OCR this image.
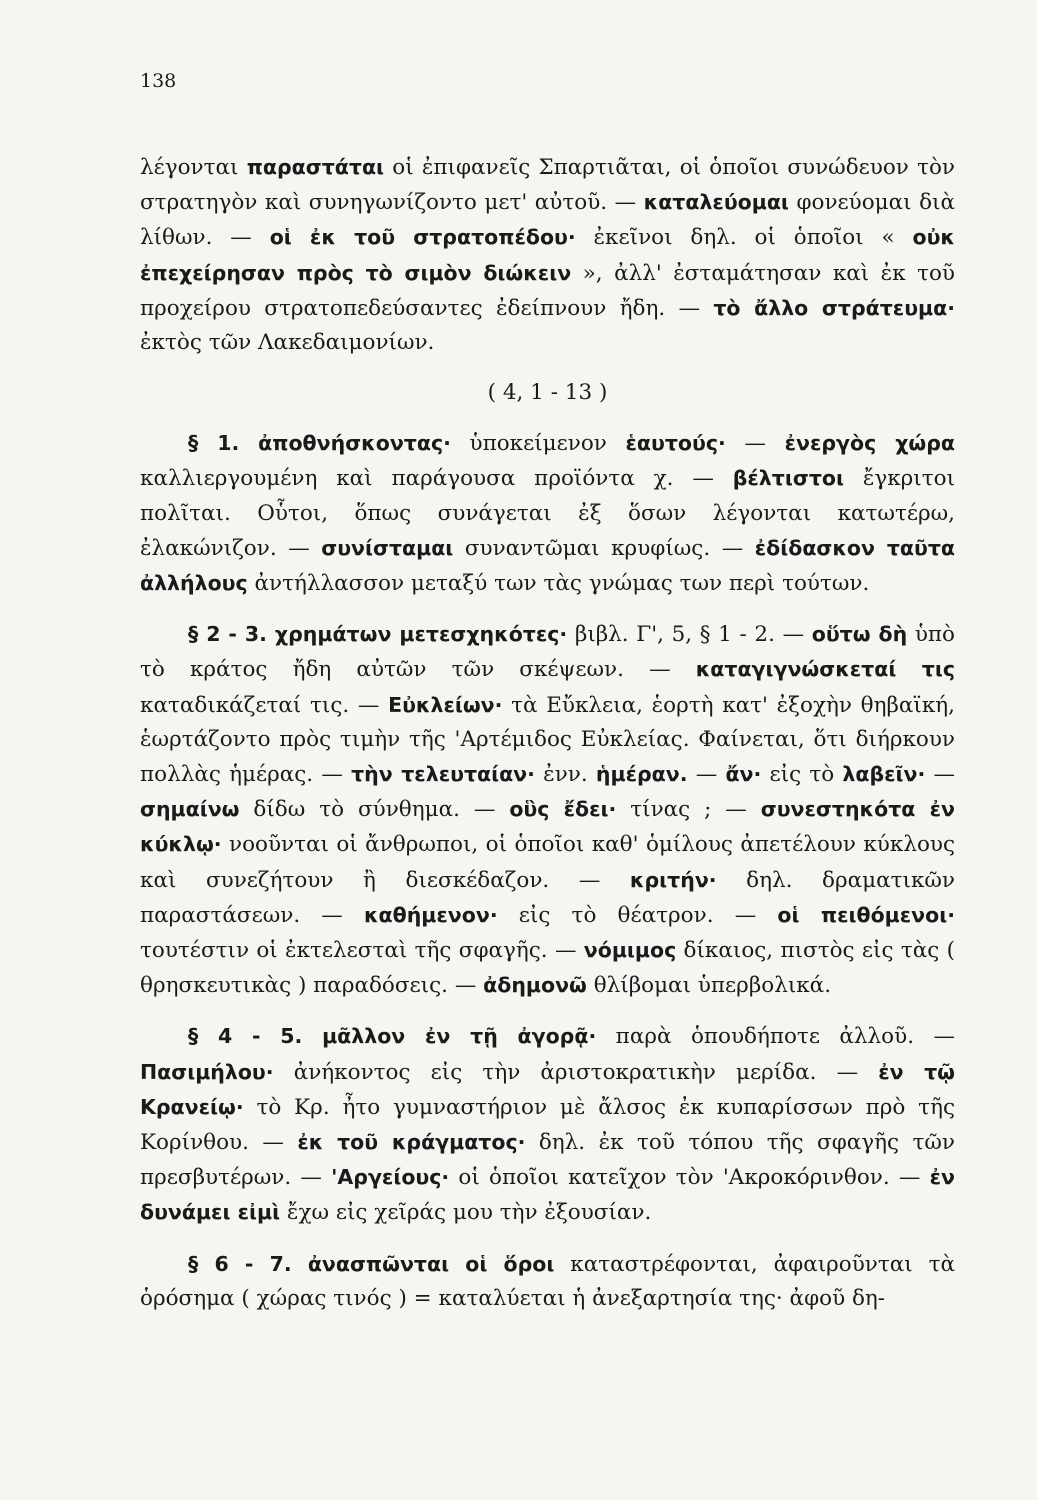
138

λέγονται παραστάται οἱ ἐπιφανεῖς Σπαρτιᾶται, οἱ ὁποῖοι συνώδευον τὸν στρατηγὸν καὶ συνηγωνίζοντο μετ' αὐτοῦ. — καταλεύομαι φονεύομαι διὰ λίθων. — οἱ ἐκ τοῦ στρατοπέδου· ἐκεῖνοι δηλ. οἱ ὁποῖοι « οὐκ ἐπεχείρησαν πρὸς τὸ σιμὸν διώκειν », ἀλλ' ἐσταμάτησαν καὶ ἐκ τοῦ προχείρου στρατοπεδεύσαντες ἐδείπνουν ἤδη. — τὸ ἄλλο στράτευμα· ἐκτὸς τῶν Λακεδαιμονίων.

( 4, 1 - 13 )

§ 1. ἀποθνήσκοντας· ὑποκείμενον ἑαυτούς· — ἐνεργὸς χώρα καλλιεργουμένη καὶ παράγουσα προϊόντα χ. — βέλτιστοι ἔγκριτοι πολῖται. Οὗτοι, ὅπως συνάγεται ἐξ ὅσων λέγονται κατωτέρω, ἐλακώνιζον. — συνίσταμαι συναντῶμαι κρυφίως. — ἐδίδασκον ταῦτα ἀλλήλους ἀντήλλασσον μεταξύ των τὰς γνώμας των περὶ τούτων.

§ 2 - 3. χρημάτων μετεσχηκότες· βιβλ. Γ', 5, § 1 - 2. — οὕτω δὴ ὑπὸ τὸ κράτος ἤδη αὐτῶν τῶν σκέψεων. — καταγιγνώσκεταί τις καταδικάζεταί τις. — Εὐκλείων· τὰ Εὔκλεια, ἑορτὴ κατ' ἐξοχὴν θηβαϊκή, ἑωρτάζοντο πρὸς τιμὴν τῆς 'Αρτέμιδος Εὐκλείας. Φαίνεται, ὅτι διήρκουν πολλὰς ἡμέρας. — τὴν τελευταίαν· ἐνν. ἡμέραν. — ἄν· εἰς τὸ λαβεῖν· — σημαίνω δίδω τὸ σύνθημα. — οὓς ἔδει· τίνας ; — συνεστηκότα ἐν κύκλῳ· νοοῦνται οἱ ἄνθρωποι, οἱ ὁποῖοι καθ' ὁμίλους ἀπετέλουν κύκλους καὶ συνεζήτουν ἢ διεσκέδαζον. — κριτήν· δηλ. δραματικῶν παραστάσεων. — καθήμενον· εἰς τὸ θέατρον. — οἱ πειθόμενοι· τουτέστιν οἱ ἐκτελεσταὶ τῆς σφαγῆς. — νόμιμος δίκαιος, πιστὸς εἰς τὰς ( θρησκευτικὰς ) παραδόσεις. — ἀδημονῶ θλίβομαι ὑπερβολικά.

§ 4 - 5. μᾶλλον ἐν τῇ ἀγορᾷ· παρὰ ὁπουδήποτε ἀλλοῦ. — Πασιμήλου· ἀνήκοντος εἰς τὴν ἀριστοκρατικὴν μερίδα. — ἐν τῷ Κρανείῳ· τὸ Κρ. ἦτο γυμναστήριον μὲ ἄλσος ἐκ κυπαρίσσων πρὸ τῆς Κορίνθου. — ἐκ τοῦ κράγματος· δηλ. ἐκ τοῦ τόπου τῆς σφαγῆς τῶν πρεσβυτέρων. — 'Αργείους· οἱ ὁποῖοι κατεῖχον τὸν 'Ακροκόρινθον. — ἐν δυνάμει εἰμὶ ἔχω εἰς χεῖράς μου τὴν ἐξουσίαν.

§ 6 - 7. ἀνασπῶνται οἱ ὅροι καταστρέφονται, ἀφαιροῦνται τὰ ὁρόσημα ( χώρας τινός ) = καταλύεται ἡ ἀνεξαρτησία της· ἀφοῦ δη-
